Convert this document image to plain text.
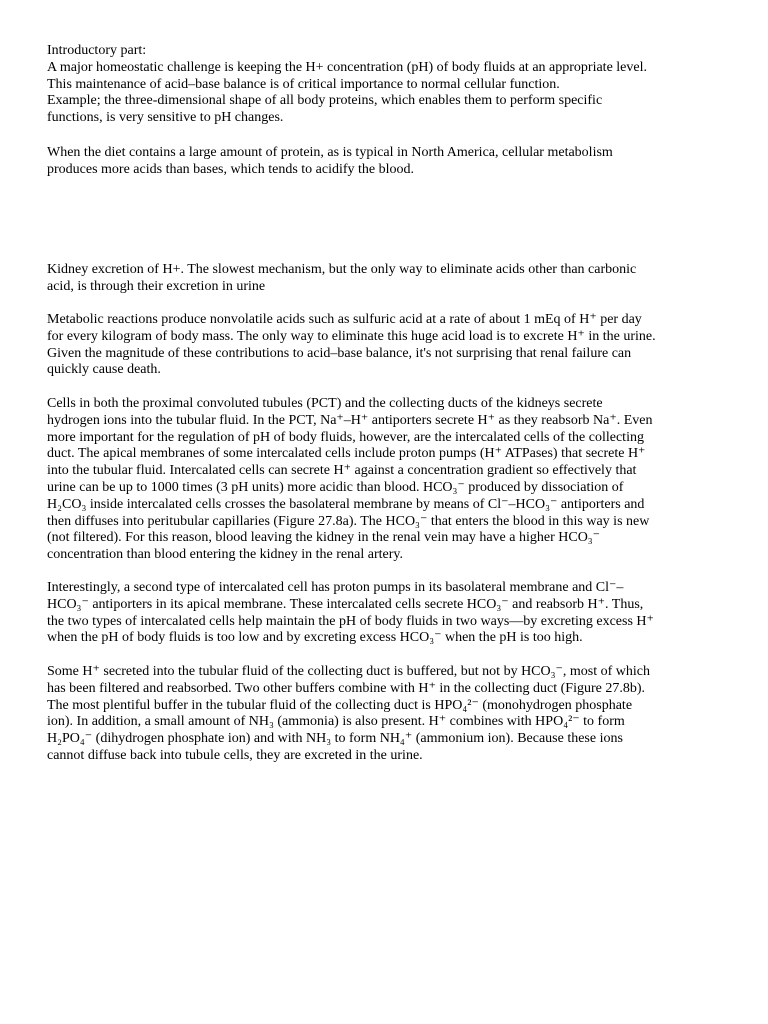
Introductory part:
A major homeostatic challenge is keeping the H+ concentration (pH) of body fluids at an appropriate level.
This maintenance of acid–base balance is of critical importance to normal cellular function.
Example; the three-dimensional shape of all body proteins, which enables them to perform specific
functions, is very sensitive to pH changes.
When the diet contains a large amount of protein, as is typical in North America, cellular metabolism
produces more acids than bases, which tends to acidify the blood.
Kidney excretion of H+. The slowest mechanism, but the only way to eliminate acids other than carbonic
acid, is through their excretion in urine
Metabolic reactions produce nonvolatile acids such as sulfuric acid at a rate of about 1 mEq of H⁺ per day
for every kilogram of body mass. The only way to eliminate this huge acid load is to excrete H⁺ in the urine.
Given the magnitude of these contributions to acid–base balance, it's not surprising that renal failure can
quickly cause death.
Cells in both the proximal convoluted tubules (PCT) and the collecting ducts of the kidneys secrete
hydrogen ions into the tubular fluid. In the PCT, Na⁺–H⁺ antiporters secrete H⁺ as they reabsorb Na⁺. Even
more important for the regulation of pH of body fluids, however, are the intercalated cells of the collecting
duct. The apical membranes of some intercalated cells include proton pumps (H⁺ ATPases) that secrete H⁺
into the tubular fluid. Intercalated cells can secrete H⁺ against a concentration gradient so effectively that
urine can be up to 1000 times (3 pH units) more acidic than blood. HCO₃⁻ produced by dissociation of
H₂CO₃ inside intercalated cells crosses the basolateral membrane by means of Cl⁻–HCO₃⁻ antiporters and
then diffuses into peritubular capillaries (Figure 27.8a). The HCO₃⁻ that enters the blood in this way is new
(not filtered). For this reason, blood leaving the kidney in the renal vein may have a higher HCO₃⁻
concentration than blood entering the kidney in the renal artery.
Interestingly, a second type of intercalated cell has proton pumps in its basolateral membrane and Cl⁻–
HCO₃⁻ antiporters in its apical membrane. These intercalated cells secrete HCO₃⁻ and reabsorb H⁺. Thus,
the two types of intercalated cells help maintain the pH of body fluids in two ways—by excreting excess H⁺
when the pH of body fluids is too low and by excreting excess HCO₃⁻ when the pH is too high.
Some H⁺ secreted into the tubular fluid of the collecting duct is buffered, but not by HCO₃⁻, most of which
has been filtered and reabsorbed. Two other buffers combine with H⁺ in the collecting duct (Figure 27.8b).
The most plentiful buffer in the tubular fluid of the collecting duct is HPO₄²⁻ (monohydrogen phosphate
ion). In addition, a small amount of NH₃ (ammonia) is also present. H⁺ combines with HPO₄²⁻ to form
H₂PO₄⁻ (dihydrogen phosphate ion) and with NH₃ to form NH₄⁺ (ammonium ion). Because these ions
cannot diffuse back into tubule cells, they are excreted in the urine.
